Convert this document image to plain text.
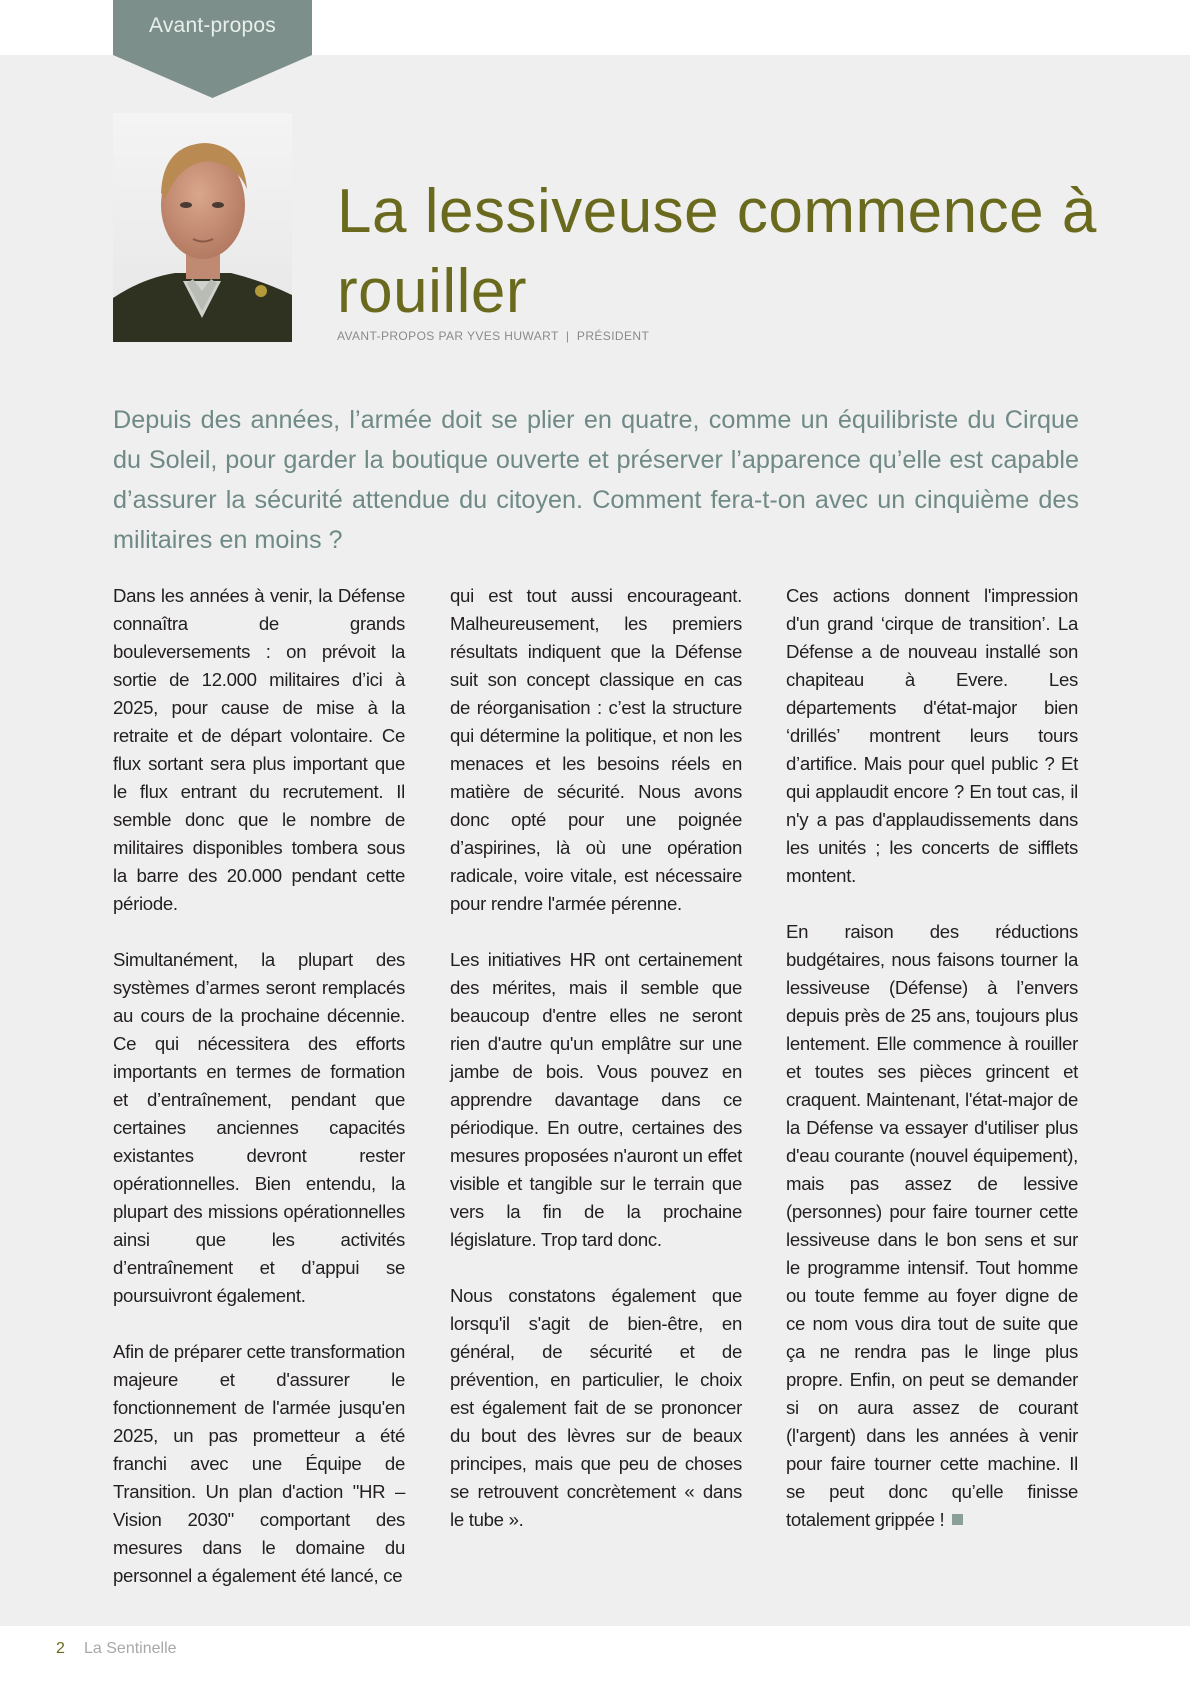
Avant-propos
La lessiveuse commence à rouiller
AVANT-PROPOS PAR YVES HUWART  |  PRÉSIDENT

Depuis des années, l’armée doit se plier en quatre, comme un équilibriste du Cirque du Soleil, pour garder la boutique ouverte et préserver l’apparence qu’elle est capable d’assurer la sécurité attendue du citoyen. Comment fera-t-on avec un cinquième des militaires en moins ?

Dans les années à venir, la Défense connaîtra de grands bouleversements : on prévoit la sortie de 12.000 militaires d’ici à 2025, pour cause de mise à la retraite et de départ volontaire. Ce flux sortant sera plus important que le flux entrant du recrutement. Il semble donc que le nombre de militaires disponibles tombera sous la barre des 20.000 pendant cette période.

Simultanément, la plupart des systèmes d’armes seront remplacés au cours de la prochaine décennie. Ce qui nécessitera des efforts importants en termes de formation et d’entraînement, pendant que certaines anciennes capacités existantes devront rester opérationnelles. Bien entendu, la plupart des missions opérationnelles ainsi que les activités d’entraînement et d’appui se poursuivront également.

Afin de préparer cette transformation majeure et d'assurer le fonctionnement de l'armée jusqu'en 2025, un pas prometteur a été franchi avec une Équipe de Transition. Un plan d'action "HR – Vision 2030" comportant des mesures dans le domaine du personnel a également été lancé, ce

qui est tout aussi encourageant. Malheureusement, les premiers résultats indiquent que la Défense suit son concept classique en cas de réorganisation : c’est la structure qui détermine la politique, et non les menaces et les besoins réels en matière de sécurité. Nous avons donc opté pour une poignée d’aspirines, là où une opération radicale, voire vitale, est nécessaire pour rendre l'armée pérenne.

Les initiatives HR ont certainement des mérites, mais il semble que beaucoup d'entre elles ne seront rien d'autre qu'un emplâtre sur une jambe de bois. Vous pouvez en apprendre davantage dans ce périodique. En outre, certaines des mesures proposées n'auront un effet visible et tangible sur le terrain que vers la fin de la prochaine législature. Trop tard donc.

Nous constatons également que lorsqu'il s'agit de bien-être, en général, de sécurité et de prévention, en particulier, le choix est également fait de se prononcer du bout des lèvres sur de beaux principes, mais que peu de choses se retrouvent concrètement « dans le tube ».

Ces actions donnent l'impression d'un grand ‘cirque de transition’. La Défense a de nouveau installé son chapiteau à Evere. Les départements d'état-major bien ‘drillés’ montrent leurs tours d’artifice. Mais pour quel public ? Et qui applaudit encore ? En tout cas, il n'y a pas d'applaudissements dans les unités ; les concerts de sifflets montent.

En raison des réductions budgétaires, nous faisons tourner la lessiveuse (Défense) à l’envers depuis près de 25 ans, toujours plus lentement. Elle commence à rouiller et toutes ses pièces grincent et craquent. Maintenant, l'état-major de la Défense va essayer d'utiliser plus d'eau courante (nouvel équipement), mais pas assez de lessive (personnes) pour faire tourner cette lessiveuse dans le bon sens et sur le programme intensif. Tout homme ou toute femme au foyer digne de ce nom vous dira tout de suite que ça ne rendra pas le linge plus propre. Enfin, on peut se demander si on aura assez de courant (l'argent) dans les années à venir pour faire tourner cette machine. Il se peut donc qu’elle finisse totalement grippée !

2 La Sentinelle
